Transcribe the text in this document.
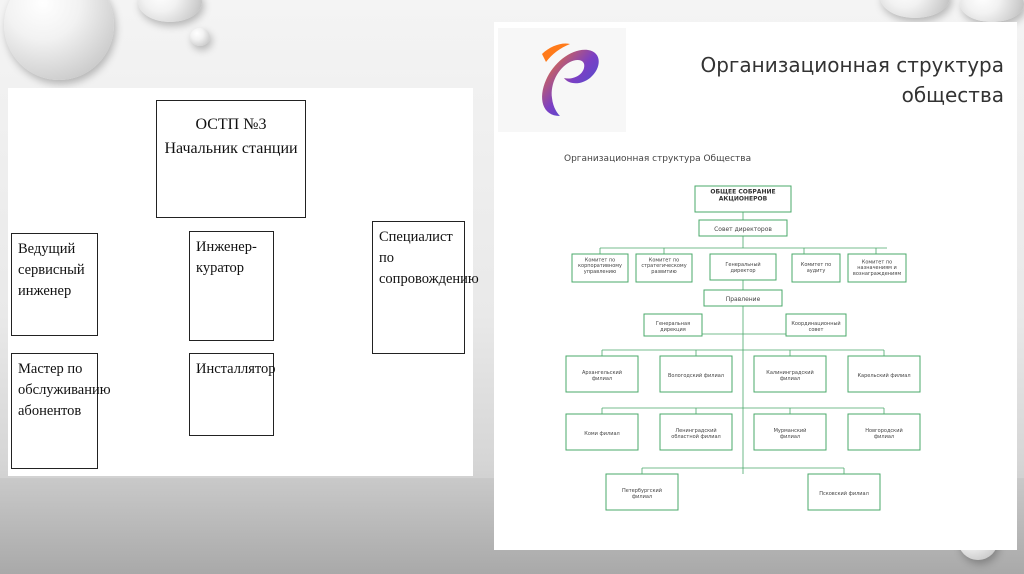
ОСТП №3
Начальник станции
Ведущий
сервисный
инженер
Инженер-
куратор
Специалист по
сопровождению
Мастер по
обслуживанию
абонентов
Инсталлятор
Организационная структура
общества
Организационная структура Общества
ОБЩЕЕ СОБРАНИЕ АКЦИОНЕРОВ
Совет директоров
Комитет по корпоративному управлению
Комитет по стратегическому развитию
Генеральный директор
Комитет по аудиту
Комитет по назначениям и вознаграждениям
Правление
Генеральная дирекция
Координационный совет
Архангельский филиал	Вологодский филиал	Калининградский филиал	Карельский филиал
Коми филиал	Ленинградский областной филиал
Мурманский филиал
Новгородский филиал
Петербургский филиал	Псковский филиал
